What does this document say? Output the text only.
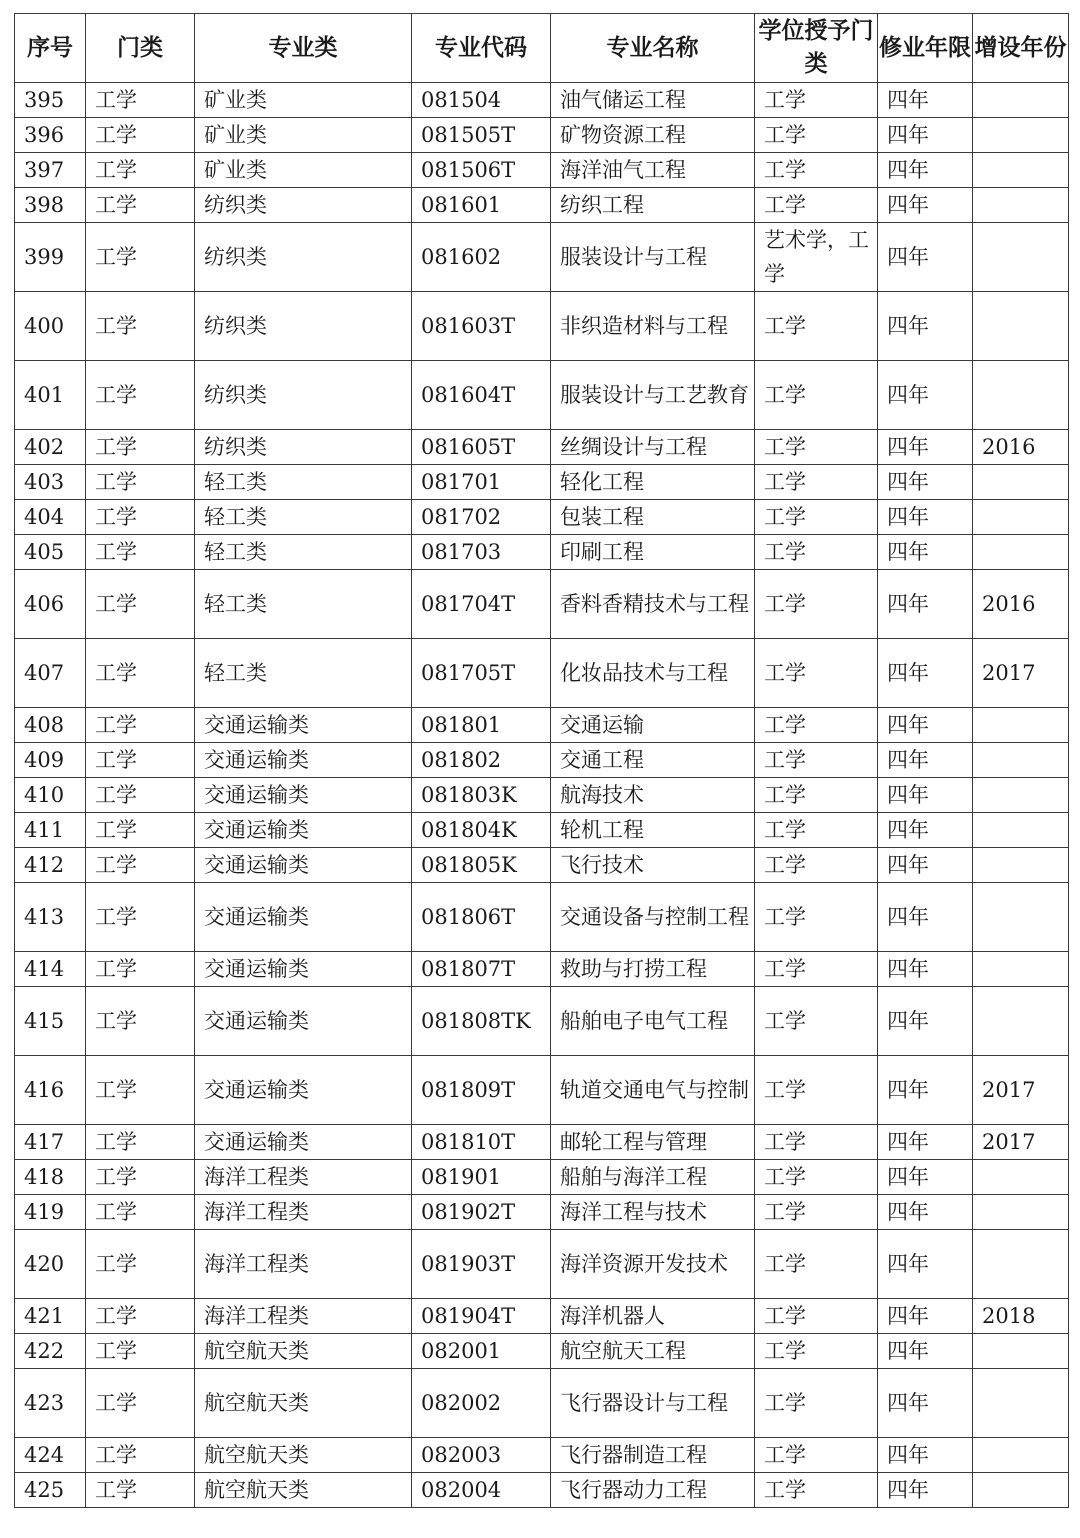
序号	门类	专业类	专业代码	专业名称	学位授予门类	修业年限	增设年份
395	工学	矿业类	081504	油气储运工程	工学	四年	
396	工学	矿业类	081505T	矿物资源工程	工学	四年	
397	工学	矿业类	081506T	海洋油气工程	工学	四年	
398	工学	纺织类	081601	纺织工程	工学	四年	
399	工学	纺织类	081602	服装设计与工程	艺术学，工学	四年	
400	工学	纺织类	081603T	非织造材料与工程	工学	四年	
401	工学	纺织类	081604T	服装设计与工艺教育	工学	四年	
402	工学	纺织类	081605T	丝绸设计与工程	工学	四年	2016
403	工学	轻工类	081701	轻化工程	工学	四年	
404	工学	轻工类	081702	包装工程	工学	四年	
405	工学	轻工类	081703	印刷工程	工学	四年	
406	工学	轻工类	081704T	香料香精技术与工程	工学	四年	2016
407	工学	轻工类	081705T	化妆品技术与工程	工学	四年	2017
408	工学	交通运输类	081801	交通运输	工学	四年	
409	工学	交通运输类	081802	交通工程	工学	四年	
410	工学	交通运输类	081803K	航海技术	工学	四年	
411	工学	交通运输类	081804K	轮机工程	工学	四年	
412	工学	交通运输类	081805K	飞行技术	工学	四年	
413	工学	交通运输类	081806T	交通设备与控制工程	工学	四年	
414	工学	交通运输类	081807T	救助与打捞工程	工学	四年	
415	工学	交通运输类	081808TK	船舶电子电气工程	工学	四年	
416	工学	交通运输类	081809T	轨道交通电气与控制	工学	四年	2017
417	工学	交通运输类	081810T	邮轮工程与管理	工学	四年	2017
418	工学	海洋工程类	081901	船舶与海洋工程	工学	四年	
419	工学	海洋工程类	081902T	海洋工程与技术	工学	四年	
420	工学	海洋工程类	081903T	海洋资源开发技术	工学	四年	
421	工学	海洋工程类	081904T	海洋机器人	工学	四年	2018
422	工学	航空航天类	082001	航空航天工程	工学	四年	
423	工学	航空航天类	082002	飞行器设计与工程	工学	四年	
424	工学	航空航天类	082003	飞行器制造工程	工学	四年	
425	工学	航空航天类	082004	飞行器动力工程	工学	四年	
